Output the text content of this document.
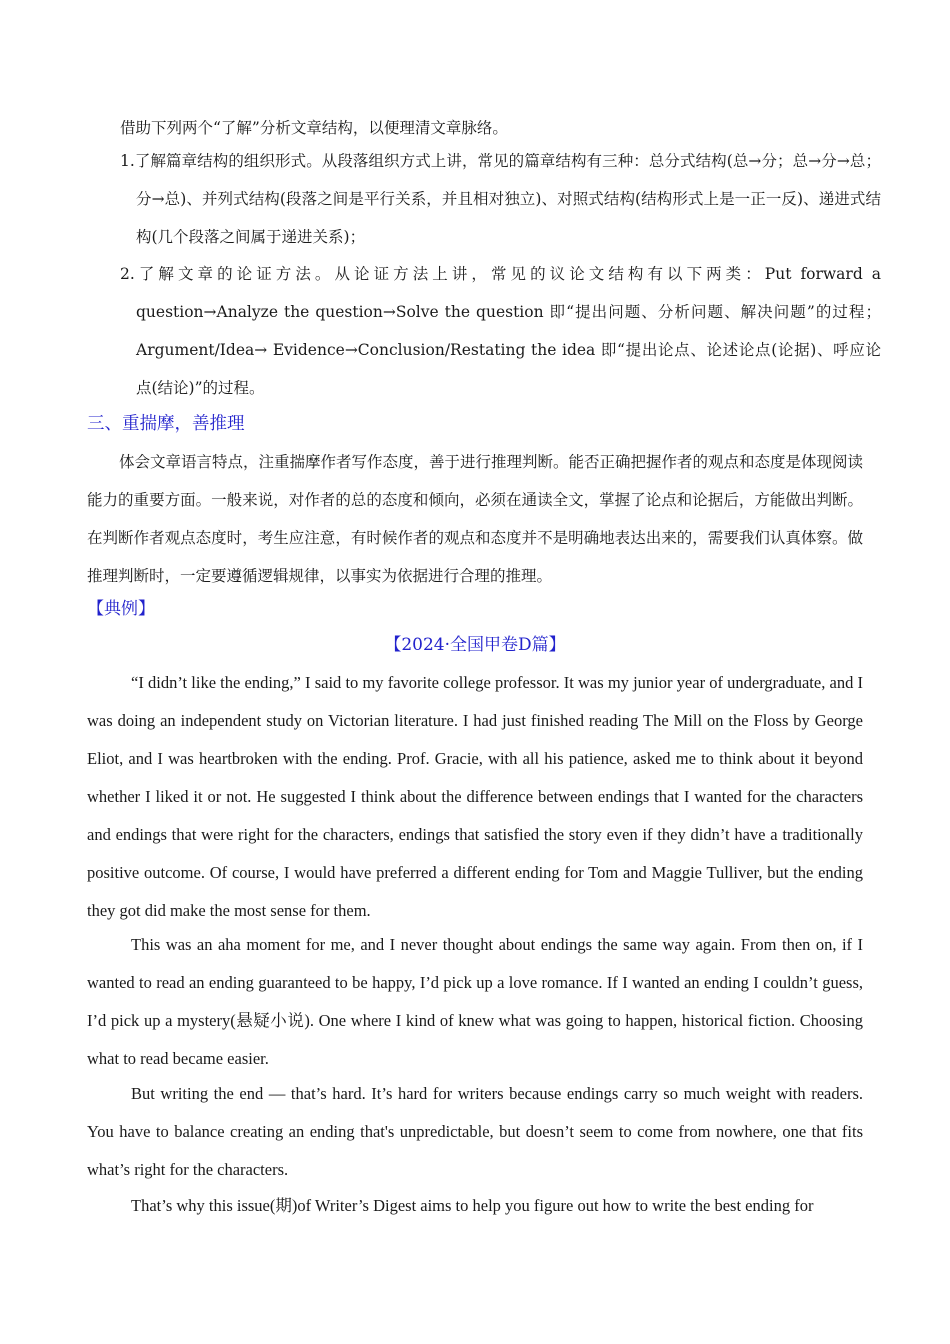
借助下列两个“了解”分析文章结构，以便理清文章脉络。

1.了解篇章结构的组织形式。从段落组织方式上讲，常见的篇章结构有三种：总分式结构(总→分；总→分→总；分→总)、并列式结构(段落之间是平行关系，并且相对独立)、对照式结构(结构形式上是一正一反)、递进式结构(几个段落之间属于递进关系)；

2.了解文章的论证方法。从论证方法上讲，常见的议论文结构有以下两类：Put forward a question→Analyze the question→Solve the question 即“提出问题、分析问题、解决问题”的过程；Argument/Idea→ Evidence→Conclusion/Restating the idea 即“提出论点、论述论点(论据)、呼应论点(结论)”的过程。

三、重揣摩，善推理

体会文章语言特点，注重揣摩作者写作态度，善于进行推理判断。能否正确把握作者的观点和态度是体现阅读能力的重要方面。一般来说，对作者的总的态度和倾向，必须在通读全文，掌握了论点和论据后，方能做出判断。在判断作者观点态度时，考生应注意，有时候作者的观点和态度并不是明确地表达出来的，需要我们认真体察。做推理判断时，一定要遵循逻辑规律，以事实为依据进行合理的推理。

【典例】
【2024·全国甲卷D篇】

“I didn’t like the ending,” I said to my favorite college professor. It was my junior year of undergraduate, and I was doing an independent study on Victorian literature. I had just finished reading The Mill on the Floss by George Eliot, and I was heartbroken with the ending. Prof. Gracie, with all his patience, asked me to think about it beyond whether I liked it or not. He suggested I think about the difference between endings that I wanted for the characters and endings that were right for the characters, endings that satisfied the story even if they didn’t have a traditionally positive outcome. Of course, I would have preferred a different ending for Tom and Maggie Tulliver, but the ending they got did make the most sense for them.

This was an aha moment for me, and I never thought about endings the same way again. From then on, if I wanted to read an ending guaranteed to be happy, I’d pick up a love romance. If I wanted an ending I couldn’t guess, I’d pick up a mystery(悬疑小说). One where I kind of knew what was going to happen, historical fiction. Choosing what to read became easier.

But writing the end — that’s hard. It’s hard for writers because endings carry so much weight with readers. You have to balance creating an ending that's unpredictable, but doesn’t seem to come from nowhere, one that fits what’s right for the characters.

That’s why this issue(期)of Writer’s Digest aims to help you figure out how to write the best ending for
